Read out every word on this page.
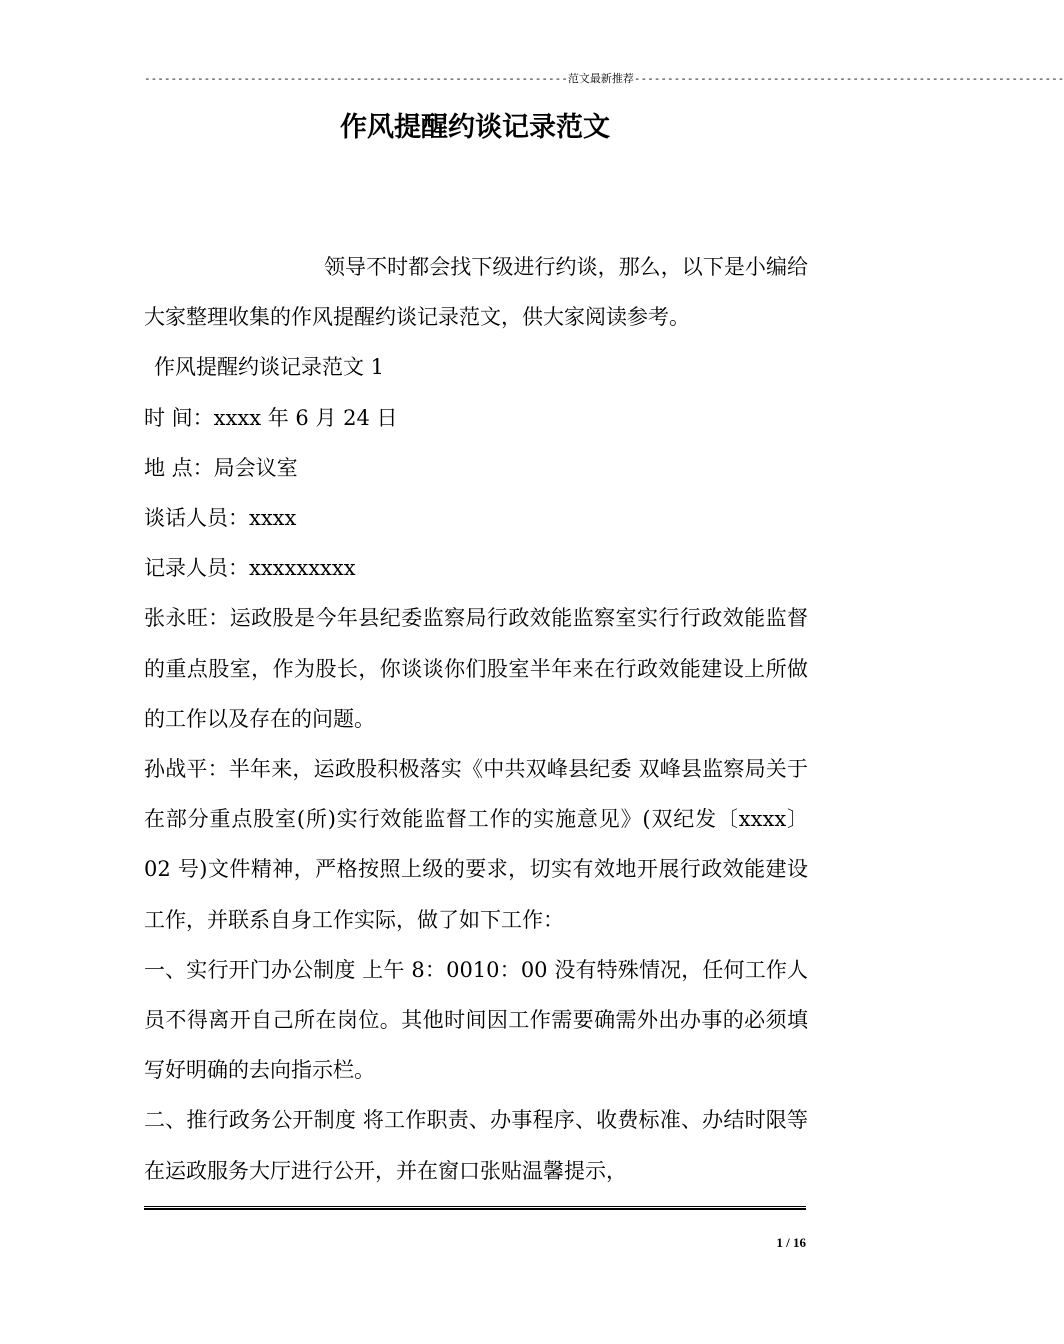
----------------------------------------------------------------范文最新推荐-----------------------------------------------------------------
作风提醒约谈记录范文

领导不时都会找下级进行约谈，那么，以下是小编给大家整理收集的作风提醒约谈记录范文，供大家阅读参考。

作风提醒约谈记录范文 1

时 间：xxxx 年 6 月 24 日

地 点：局会议室

谈话人员：xxxx

记录人员：xxxxxxxxx

张永旺：运政股是今年县纪委监察局行政效能监察室实行行政效能监督的重点股室，作为股长，你谈谈你们股室半年来在行政效能建设上所做的工作以及存在的问题。

孙战平：半年来，运政股积极落实《中共双峰县纪委 双峰县监察局关于在部分重点股室(所)实行效能监督工作的实施意见》(双纪发〔xxxx〕02 号)文件精神，严格按照上级的要求，切实有效地开展行政效能建设工作，并联系自身工作实际，做了如下工作：

一、实行开门办公制度 上午 8：0010：00 没有特殊情况，任何工作人员不得离开自己所在岗位。其他时间因工作需要确需外出办事的必须填写好明确的去向指示栏。

二、推行政务公开制度 将工作职责、办事程序、收费标准、办结时限等在运政服务大厅进行公开，并在窗口张贴温馨提示，

1 / 16
